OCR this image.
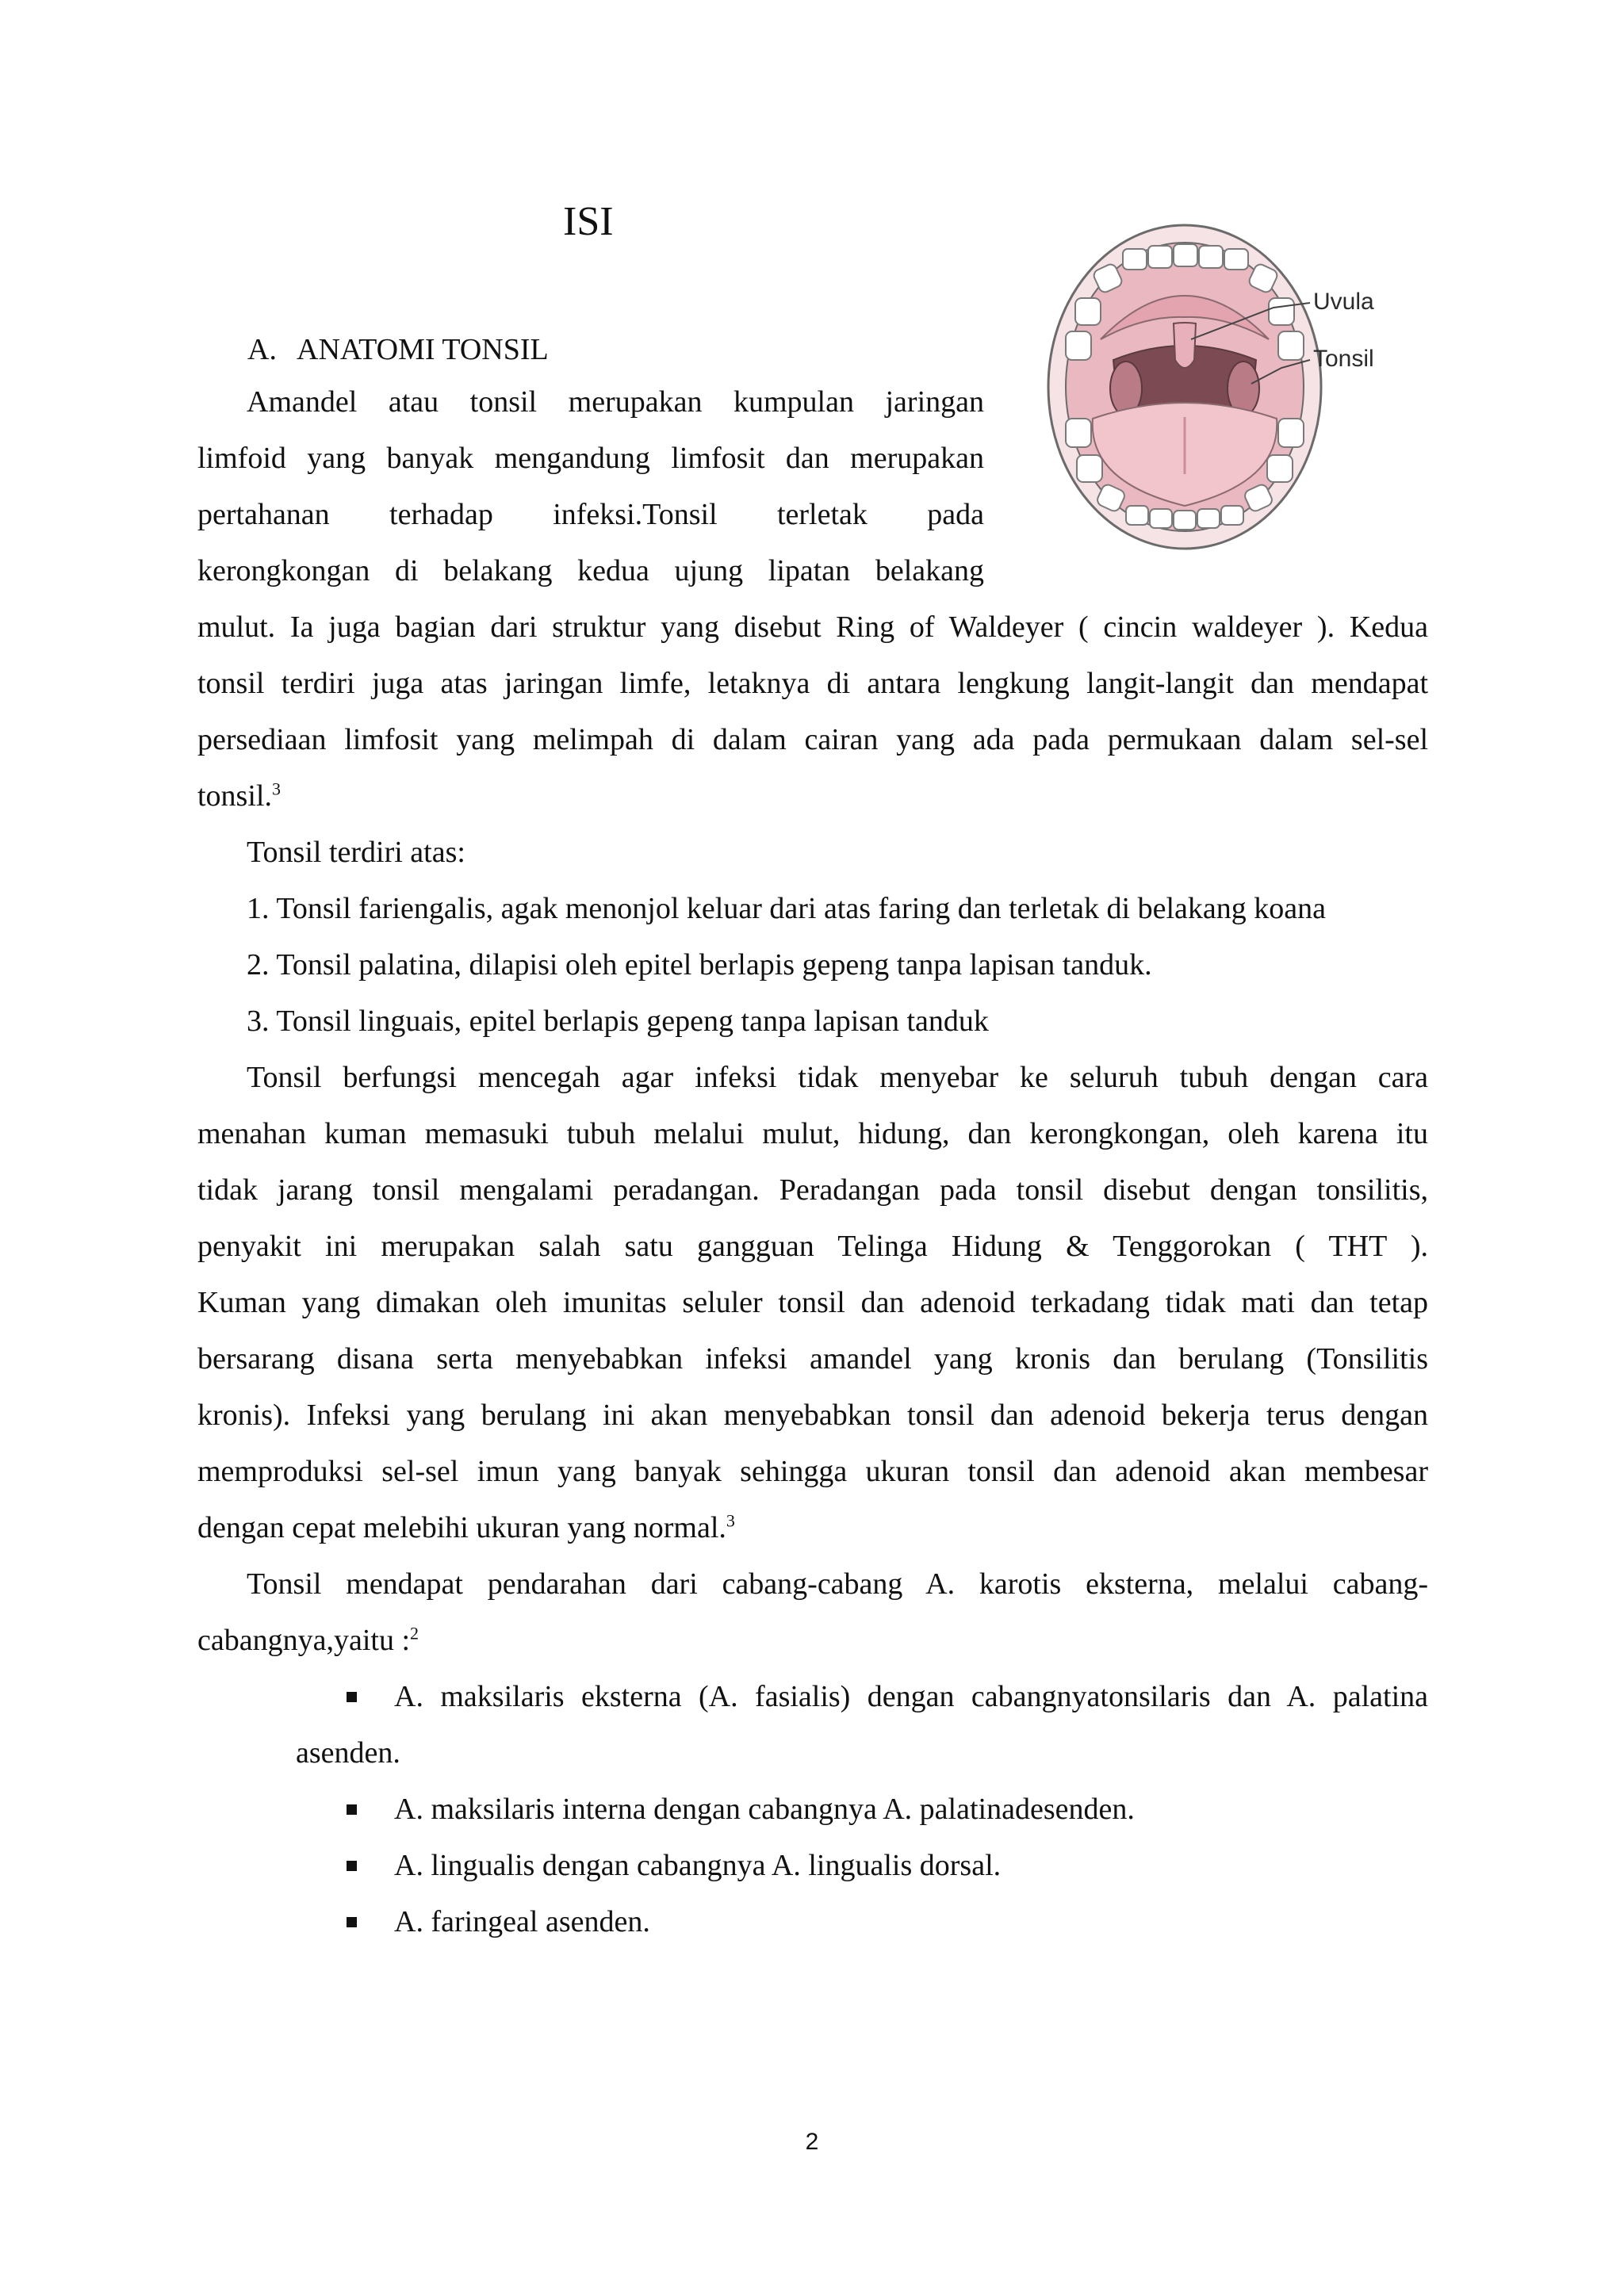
ISI
A. ANATOMI TONSIL
Amandel atau tonsil merupakan kumpulan jaringan
limfoid yang banyak mengandung limfosit dan merupakan
pertahanan terhadap infeksi.Tonsil terletak pada
kerongkongan di belakang kedua ujung lipatan belakang

mulut. Ia juga bagian dari struktur yang disebut Ring of Waldeyer ( cincin waldeyer ). Kedua
tonsil terdiri juga atas jaringan limfe, letaknya di antara lengkung langit-langit dan mendapat
persediaan limfosit yang melimpah di dalam cairan yang ada pada permukaan dalam sel-sel
tonsil.$^3$

Tonsil terdiri atas:
1. Tonsil fariengalis, agak menonjol keluar dari atas faring dan terletak di belakang koana
2. Tonsil palatina, dilapisi oleh epitel berlapis gepeng tanpa lapisan tanduk.
3. Tonsil linguais, epitel berlapis gepeng tanpa lapisan tanduk

Tonsil berfungsi mencegah agar infeksi tidak menyebar ke seluruh tubuh dengan cara
menahan kuman memasuki tubuh melalui mulut, hidung, dan kerongkongan, oleh karena itu
tidak jarang tonsil mengalami peradangan. Peradangan pada tonsil disebut dengan tonsilitis,
penyakit ini merupakan salah satu gangguan Telinga Hidung & Tenggorokan ( THT ).
Kuman yang dimakan oleh imunitas seluler tonsil dan adenoid terkadang tidak mati dan tetap
bersarang disana serta menyebabkan infeksi amandel yang kronis dan berulang (Tonsilitis
kronis). Infeksi yang berulang ini akan menyebabkan tonsil dan adenoid bekerja terus dengan
memproduksi sel-sel imun yang banyak sehingga ukuran tonsil dan adenoid akan membesar
dengan cepat melebihi ukuran yang normal.$^3$

Tonsil mendapat pendarahan dari cabang-cabang A. karotis eksterna, melalui cabang-
cabangnya,yaitu :$^2$

A. maksilaris eksterna (A. fasialis) dengan cabangnyatonsilaris dan A. palatina
asenden.
A. maksilaris interna dengan cabangnya A. palatinadesenden.
A. lingualis dengan cabangnya A. lingualis dorsal.
A. faringeal asenden.
Uvula
Tonsil
2
